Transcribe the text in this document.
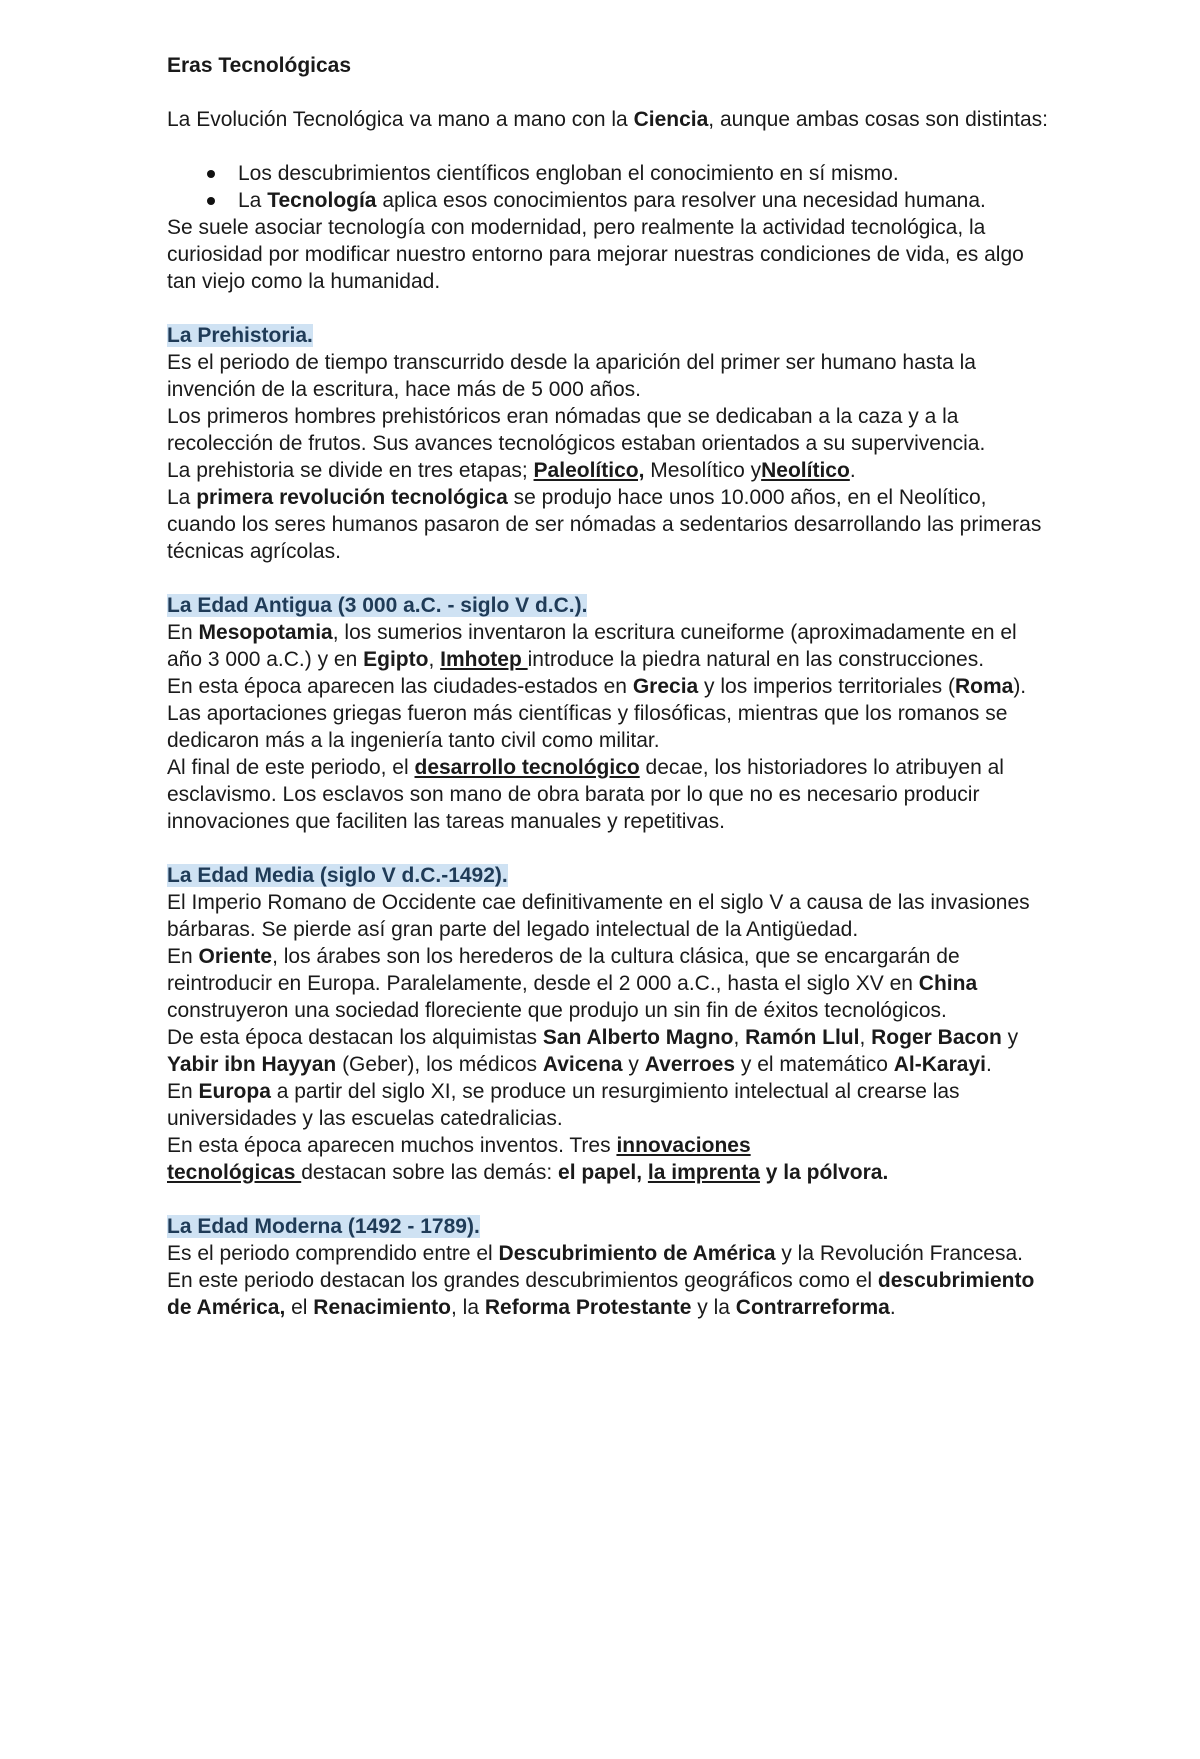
Eras Tecnológicas

La Evolución Tecnológica va mano a mano con la Ciencia, aunque ambas cosas son distintas:

Los descubrimientos científicos engloban el conocimiento en sí mismo.
La Tecnología aplica esos conocimientos para resolver una necesidad humana.

Se suele asociar tecnología con modernidad, pero realmente la actividad tecnológica, la curiosidad por modificar nuestro entorno para mejorar nuestras condiciones de vida, es algo tan viejo como la humanidad.

La Prehistoria.

Es el periodo de tiempo transcurrido desde la aparición del primer ser humano hasta la invención de la escritura, hace más de 5 000 años.

Los primeros hombres prehistóricos eran nómadas que se dedicaban a la caza y a la recolección de frutos. Sus avances tecnológicos estaban orientados a su supervivencia.

La prehistoria se divide en tres etapas; Paleolítico, Mesolítico yNeolítico.

La primera revolución tecnológica se produjo hace unos 10.000 años, en el Neolítico, cuando los seres humanos pasaron de ser nómadas a sedentarios desarrollando las primeras técnicas agrícolas.

La Edad Antigua (3 000 a.C. - siglo V d.C.).

En Mesopotamia, los sumerios inventaron la escritura cuneiforme (aproximadamente en el año 3 000 a.C.) y en Egipto, Imhotep introduce la piedra natural en las construcciones.

En esta época aparecen las ciudades-estados en Grecia y los imperios territoriales (Roma).

Las aportaciones griegas fueron más científicas y filosóficas, mientras que los romanos se dedicaron más a la ingeniería tanto civil como militar.

Al final de este periodo, el desarrollo tecnológico decae, los historiadores lo atribuyen al esclavismo. Los esclavos son mano de obra barata por lo que no es necesario producir innovaciones que faciliten las tareas manuales y repetitivas.

La Edad Media (siglo V d.C.-1492).

El Imperio Romano de Occidente cae definitivamente en el siglo V a causa de las invasiones bárbaras. Se pierde así gran parte del legado intelectual de la Antigüedad.

En Oriente, los árabes son los herederos de la cultura clásica, que se encargarán de reintroducir en Europa. Paralelamente, desde el 2 000 a.C., hasta el siglo XV en China construyeron una sociedad floreciente que produjo un sin fin de éxitos tecnológicos.

De esta época destacan los alquimistas San Alberto Magno, Ramón Llul, Roger Bacon y Yabir ibn Hayyan (Geber), los médicos Avicena y Averroes y el matemático Al-Karayi.

En Europa a partir del siglo XI, se produce un resurgimiento intelectual al crearse las universidades y las escuelas catedralicias.

En esta época aparecen muchos inventos. Tres innovaciones
tecnológicas destacan sobre las demás: el papel, la imprenta y la pólvora.

La Edad Moderna (1492 - 1789).

Es el periodo comprendido entre el Descubrimiento de América y la Revolución Francesa.

En este periodo destacan los grandes descubrimientos geográficos como el descubrimiento de América, el Renacimiento, la Reforma Protestante y la Contrarreforma.
